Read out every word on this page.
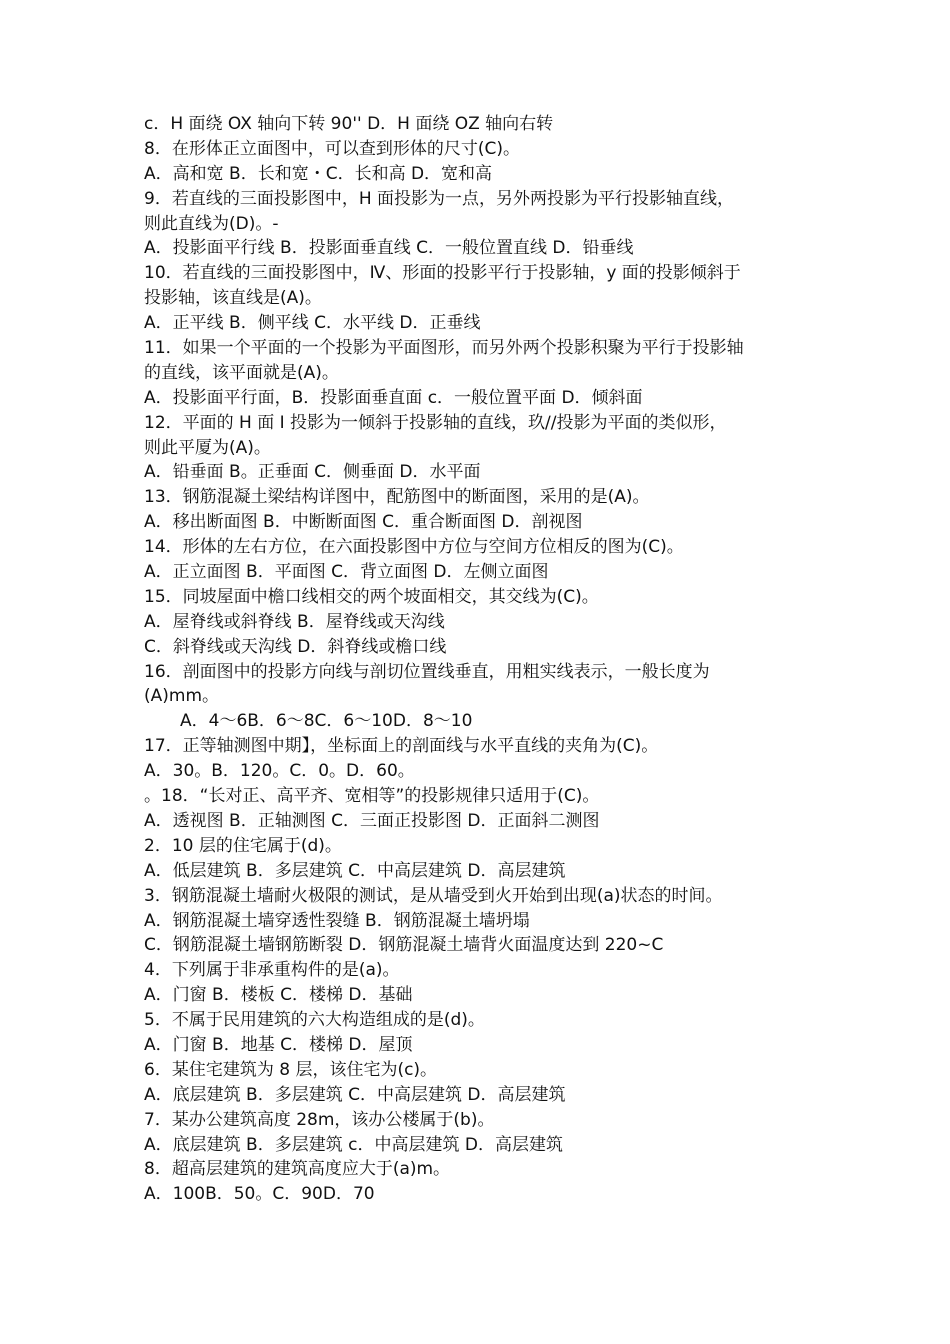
c．H 面绕 OX 轴向下转 90'' D．H 面绕 OZ 轴向右转
8．在形体正立面图中，可以查到形体的尺寸(C)。
A．高和宽 B．长和宽・C．长和高 D．宽和高
9．若直线的三面投影图中，H 面投影为一点，另外两投影为平行投影轴直线，
则此直线为(D)。-
A．投影面平行线 B．投影面垂直线 C．一般位置直线 D．铅垂线
10．若直线的三面投影图中，Ⅳ、形面的投影平行于投影轴，y 面的投影倾斜于
投影轴，该直线是(A)。
A．正平线 B．侧平线 C．水平线 D．正垂线
11．如果一个平面的一个投影为平面图形，而另外两个投影积聚为平行于投影轴
的直线，该平面就是(A)。
A．投影面平行面，B．投影面垂直面 c．一般位置平面 D．倾斜面
12．平面的 H 面 I 投影为一倾斜于投影轴的直线，玖∕∕投影为平面的类似形，
则此平厦为(A)。
A．铅垂面 B。正垂面 C．侧垂面 D．水平面
13．钢筋混凝土梁结构详图中，配筋图中的断面图，采用的是(A)。
A．移出断面图 B．中断断面图 C．重合断面图 D．剖视图
14．形体的左右方位，在六面投影图中方位与空间方位相反的图为(C)。
A．正立面图 B．平面图 C．背立面图 D．左侧立面图
15．同坡屋面中檐口线相交的两个坡面相交，其交线为(C)。
A．屋脊线或斜脊线 B．屋脊线或天沟线
C．斜脊线或天沟线 D．斜脊线或檐口线
16．剖面图中的投影方向线与剖切位置线垂直，用粗实线表示，一般长度为
(A)mm。
A．4～6B．6～8C．6～10D．8～10
17．正等轴测图中期】，坐标面上的剖面线与水平直线的夹角为(C)。
A．30。B．120。C．0。D．60。
。18．“长对正、高平齐、宽相等”的投影规律只适用于(C)。
A．透视图 B．正轴测图 C．三面正投影图 D．正面斜二测图
2．10 层的住宅属于(d)。
A．低层建筑 B．多层建筑 C．中高层建筑 D．高层建筑
3．钢筋混凝土墙耐火极限的测试，是从墙受到火开始到出现(a)状态的时间。
A．钢筋混凝土墙穿透性裂缝 B．钢筋混凝土墙坍塌
C．钢筋混凝土墙钢筋断裂 D．钢筋混凝土墙背火面温度达到 220~C
4．下列属于非承重构件的是(a)。
A．门窗 B．楼板 C．楼梯 D．基础
5．不属于民用建筑的六大构造组成的是(d)。
A．门窗 B．地基 C．楼梯 D．屋顶
6．某住宅建筑为 8 层，该住宅为(c)。
A．底层建筑 B．多层建筑 C．中高层建筑 D．高层建筑
7．某办公建筑高度 28m，该办公楼属于(b)。
A．底层建筑 B．多层建筑 c．中高层建筑 D．高层建筑
8．超高层建筑的建筑高度应大于(a)m。
A．100B．50。C．90D．70
